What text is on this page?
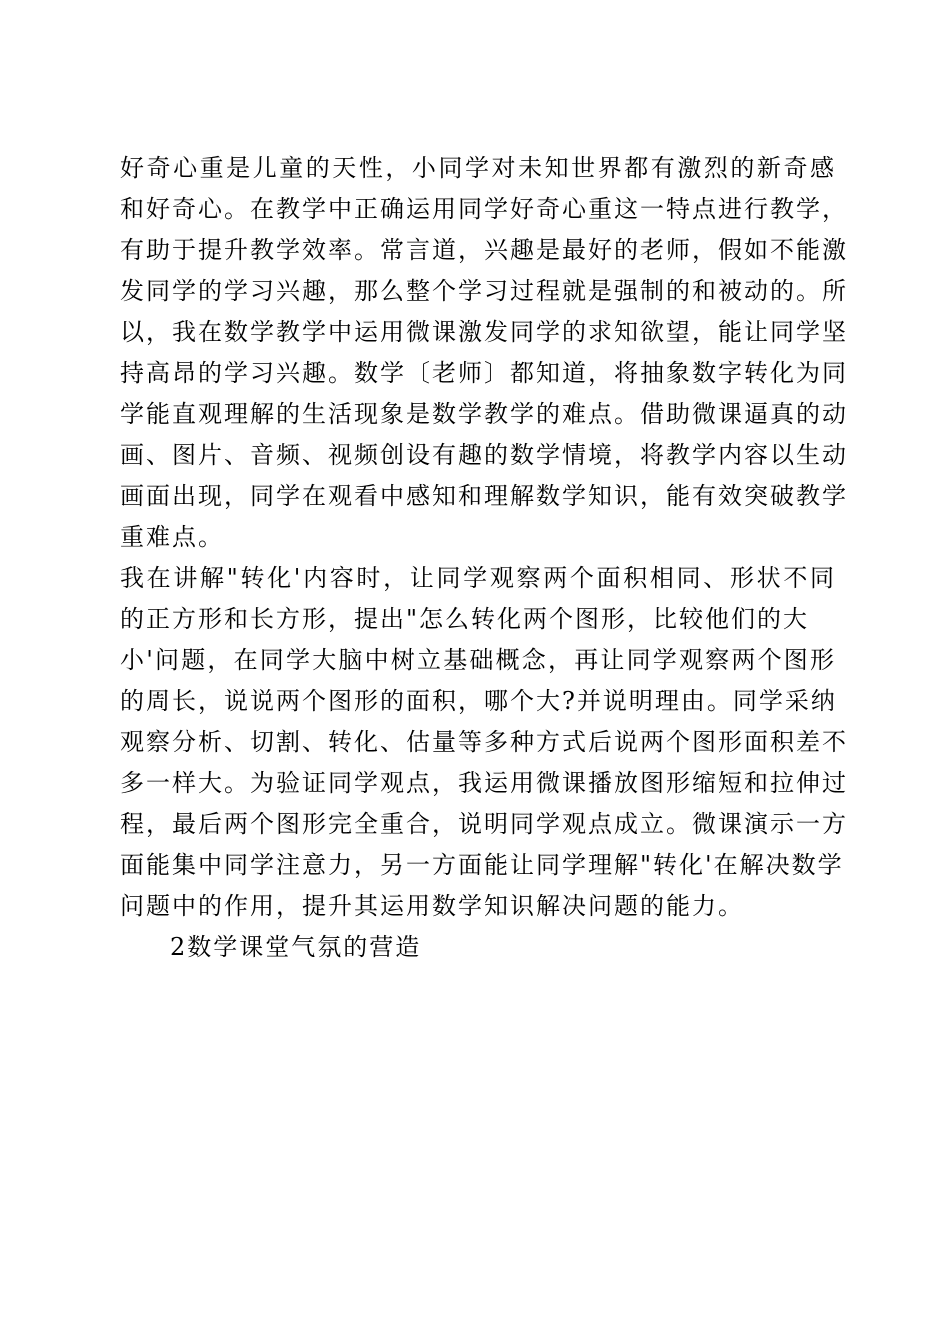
好奇心重是儿童的天性，小同学对未知世界都有激烈的新奇感
和好奇心。在教学中正确运用同学好奇心重这一特点进行教学，
有助于提升教学效率。常言道，兴趣是最好的老师，假如不能激
发同学的学习兴趣，那么整个学习过程就是强制的和被动的。所
以，我在数学教学中运用微课激发同学的求知欲望，能让同学坚
持高昂的学习兴趣。数学〔老师〕都知道，将抽象数字转化为同
学能直观理解的生活现象是数学教学的难点。借助微课逼真的动
画、图片、音频、视频创设有趣的数学情境，将教学内容以生动
画面出现，同学在观看中感知和理解数学知识，能有效突破教学
重难点。
我在讲解"转化'内容时，让同学观察两个面积相同、形状不同
的正方形和长方形，提出"怎么转化两个图形，比较他们的大
小'问题，在同学大脑中树立基础概念，再让同学观察两个图形
的周长，说说两个图形的面积，哪个大?并说明理由。同学采纳
观察分析、切割、转化、估量等多种方式后说两个图形面积差不
多一样大。为验证同学观点，我运用微课播放图形缩短和拉伸过
程，最后两个图形完全重合，说明同学观点成立。微课演示一方
面能集中同学注意力，另一方面能让同学理解"转化'在解决数学
问题中的作用，提升其运用数学知识解决问题的能力。
2数学课堂气氛的营造
